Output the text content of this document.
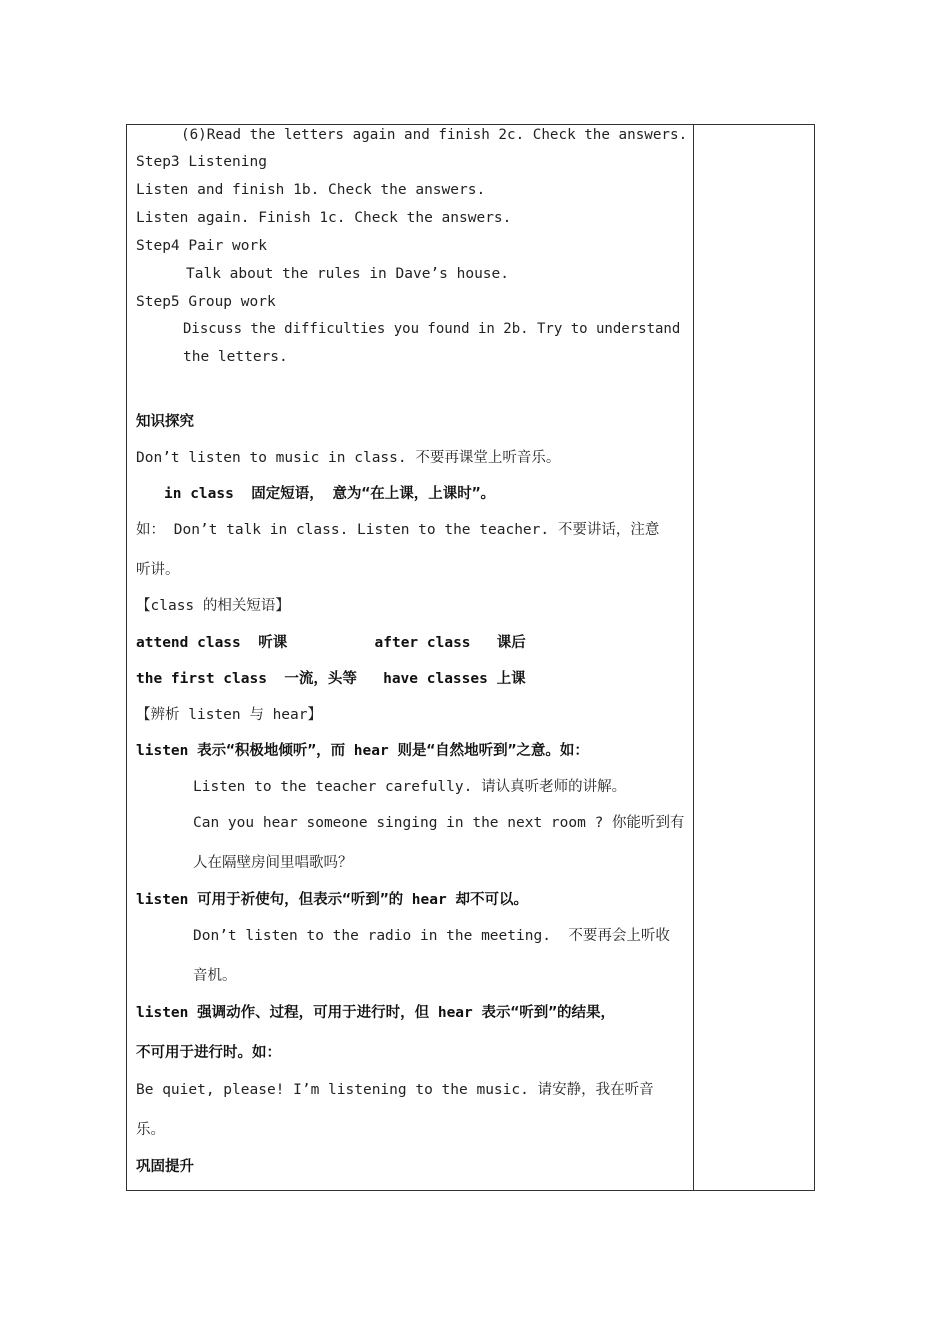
(6)Read the letters again and finish 2c. Check the answers.
Step3 Listening
Listen and finish 1b. Check the answers.
Listen again. Finish 1c. Check the answers.
Step4 Pair work
Talk about the rules in Dave’s house.
Step5 Group work
Discuss the difficulties you found in 2b. Try to understand
the letters.
知识探究
Don’t listen to music in class. 不要再课堂上听音乐。
in class  固定短语， 意为“在上课，上课时”。
如： Don’t talk in class. Listen to the teacher. 不要讲话，注意
听讲。
【class 的相关短语】
attend class  听课          after class   课后
the first class  一流，头等   have classes 上课
【辨析 listen 与 hear】
listen 表示“积极地倾听”，而 hear 则是“自然地听到”之意。如：
Listen to the teacher carefully. 请认真听老师的讲解。
Can you hear someone singing in the next room ? 你能听到有
人在隔壁房间里唱歌吗？
listen 可用于祈使句，但表示“听到”的 hear 却不可以。
Don’t listen to the radio in the meeting.  不要再会上听收
音机。
listen 强调动作、过程，可用于进行时，但 hear 表示“听到”的结果，
不可用于进行时。如：
Be quiet, please! I’m listening to the music. 请安静，我在听音
乐。
巩固提升
